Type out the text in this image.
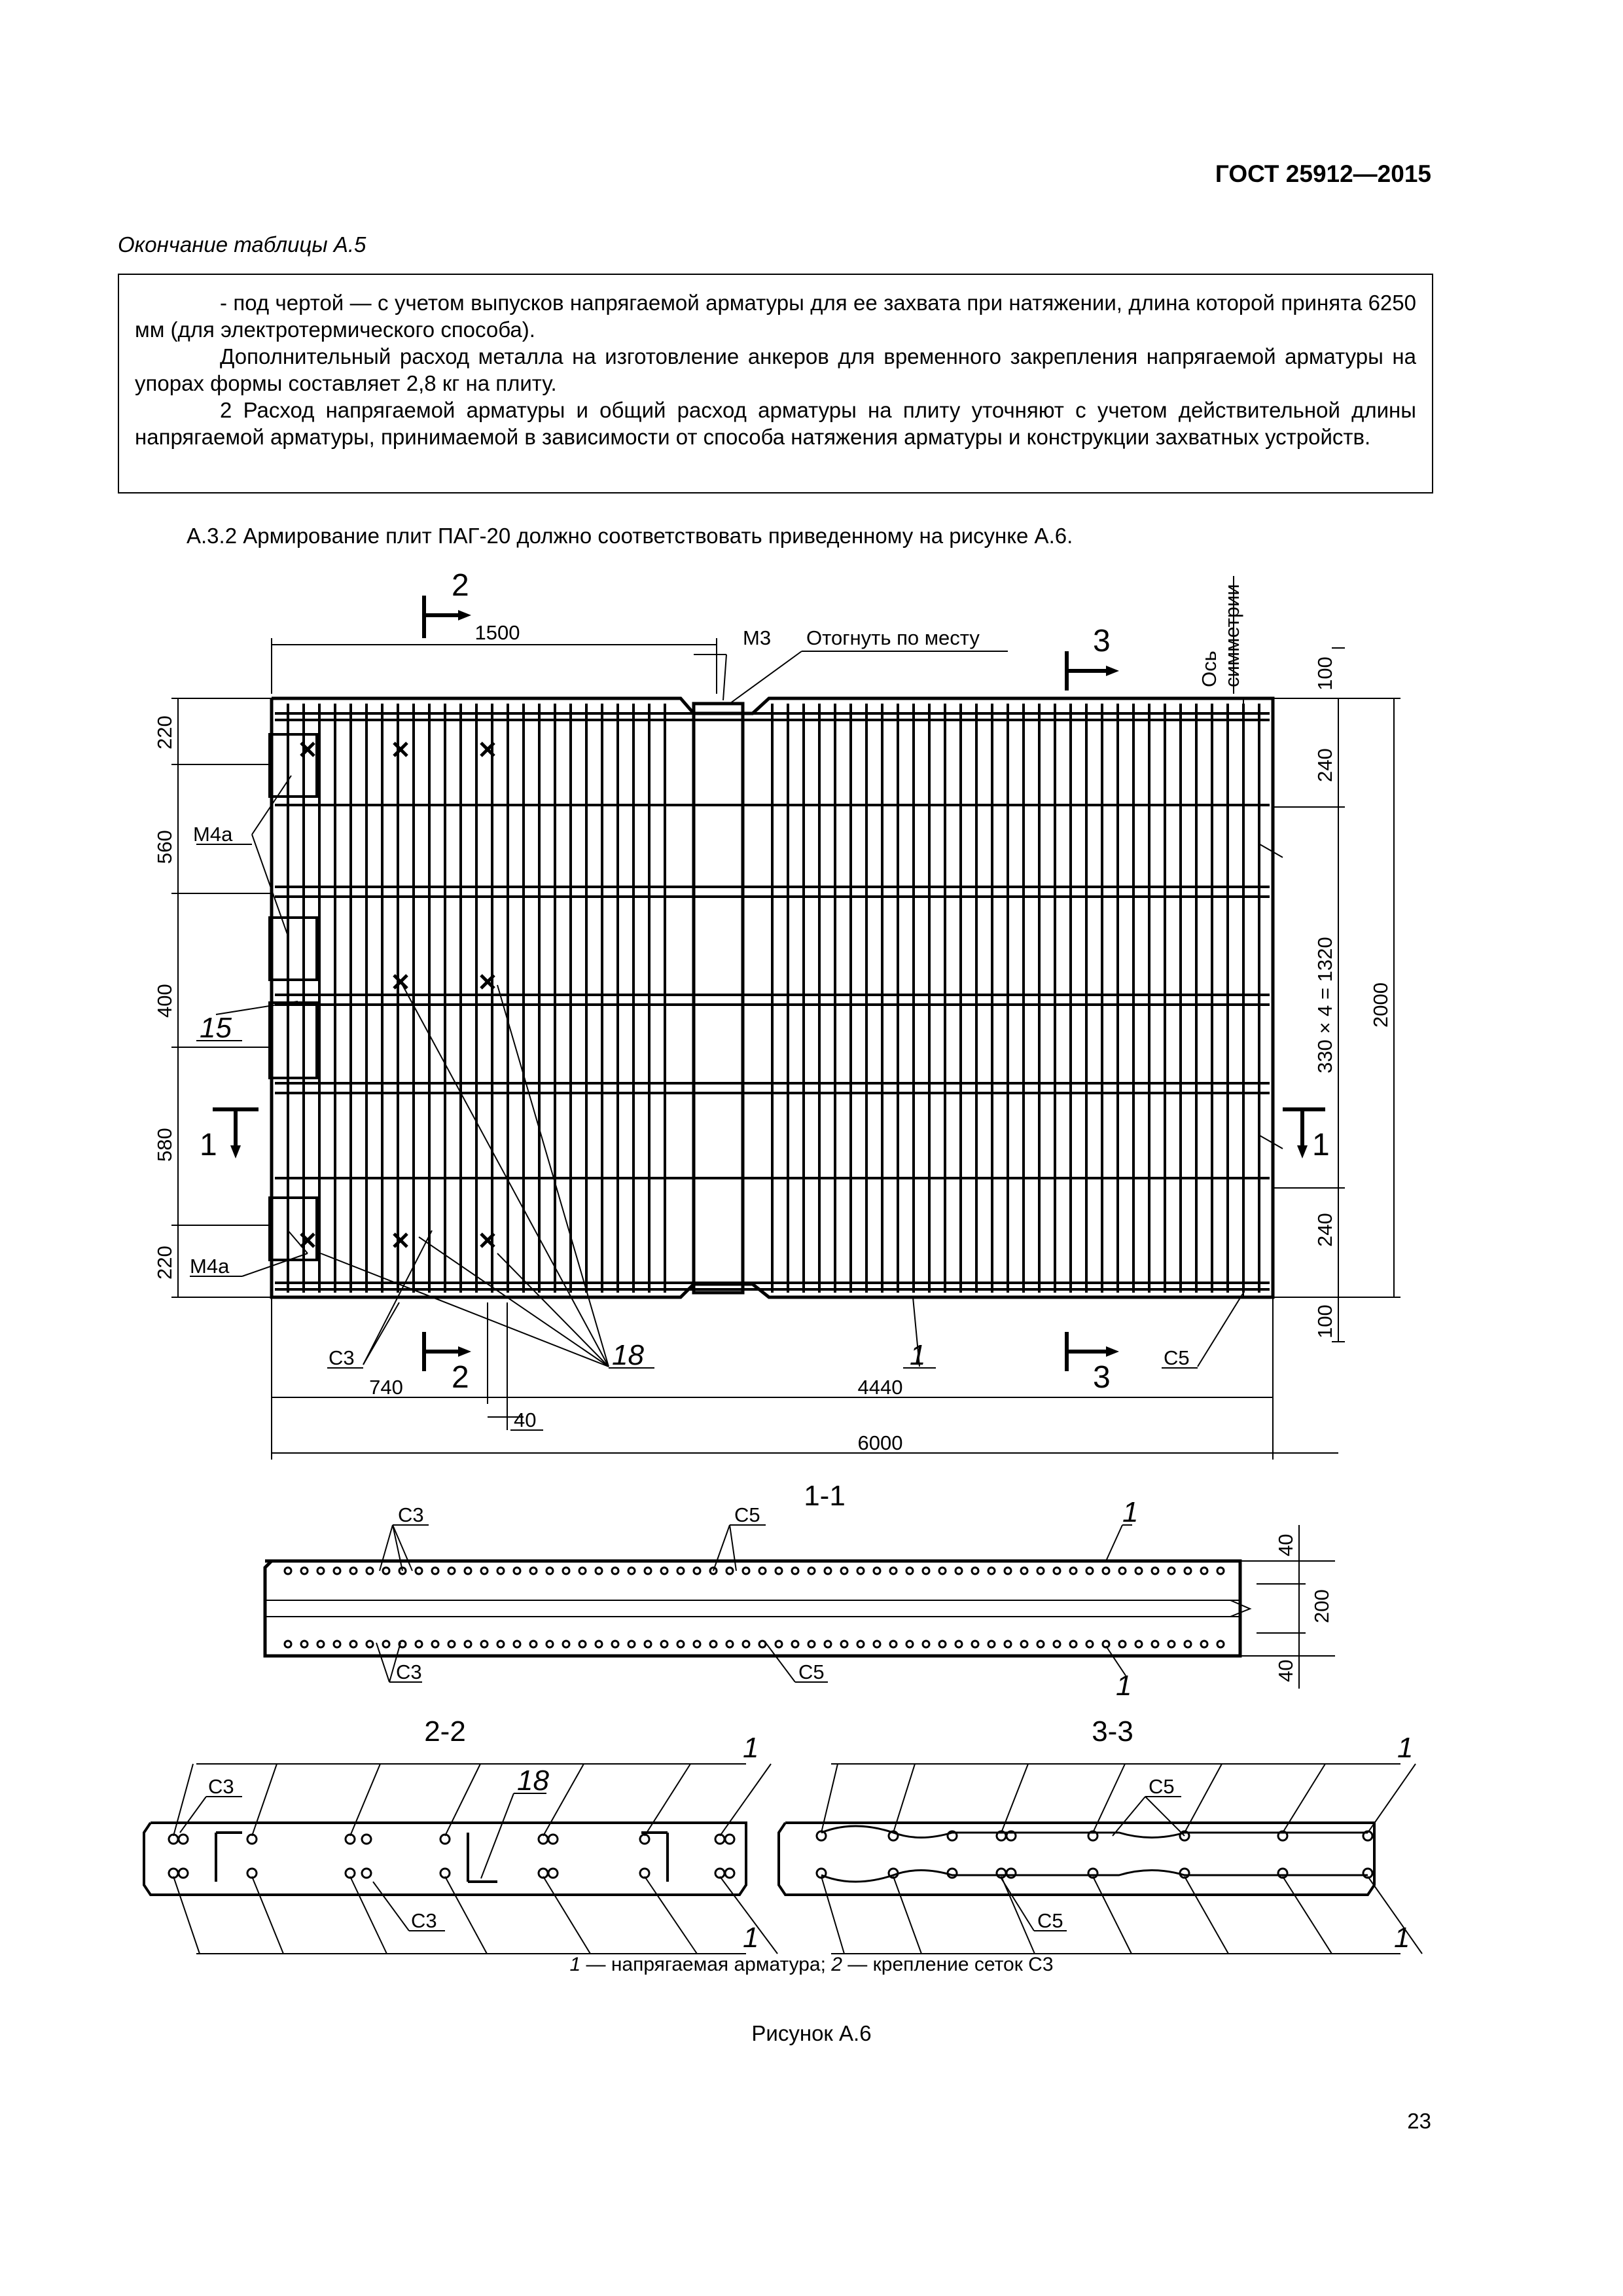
ГОСТ 25912—2015
Окончание таблицы А.5

- под чертой — с учетом выпусков напрягаемой арматуры для ее захвата при натяжении, длина которой принята 6250 мм (для электротермического способа).

Дополнительный расход металла на изготовление анкеров для временного закрепления напрягаемой арматуры на упорах формы составляет 2,8 кг на плиту.

2 Расход напрягаемой арматуры и общий расход арматуры на плиту уточняют с учетом действительной длины напрягаемой арматуры, принимаемой в зависимости от способа натяжения арматуры и конструкции захватных устройств.

А.3.2 Армирование плит ПАГ-20 должно соответствовать приведенному на рисунке А.6.
1500	М3 Отогнуть по месту
Ось симметрии
220
560
400
580
220
100
240
330 × 4 = 1320
240
100
2000
М4а
М4а
15
18
С3	1	С5
740
40
4440
6000
2
2
3
3
1	1
1-1
С3
С3
С5
С5
1
1
40
200
40
2-2
С3
С3
18
1
1
3-3
С5
С5
1
1
1 — напрягаемая арматура; 2 — крепление сеток С3
Рисунок А.6
23
